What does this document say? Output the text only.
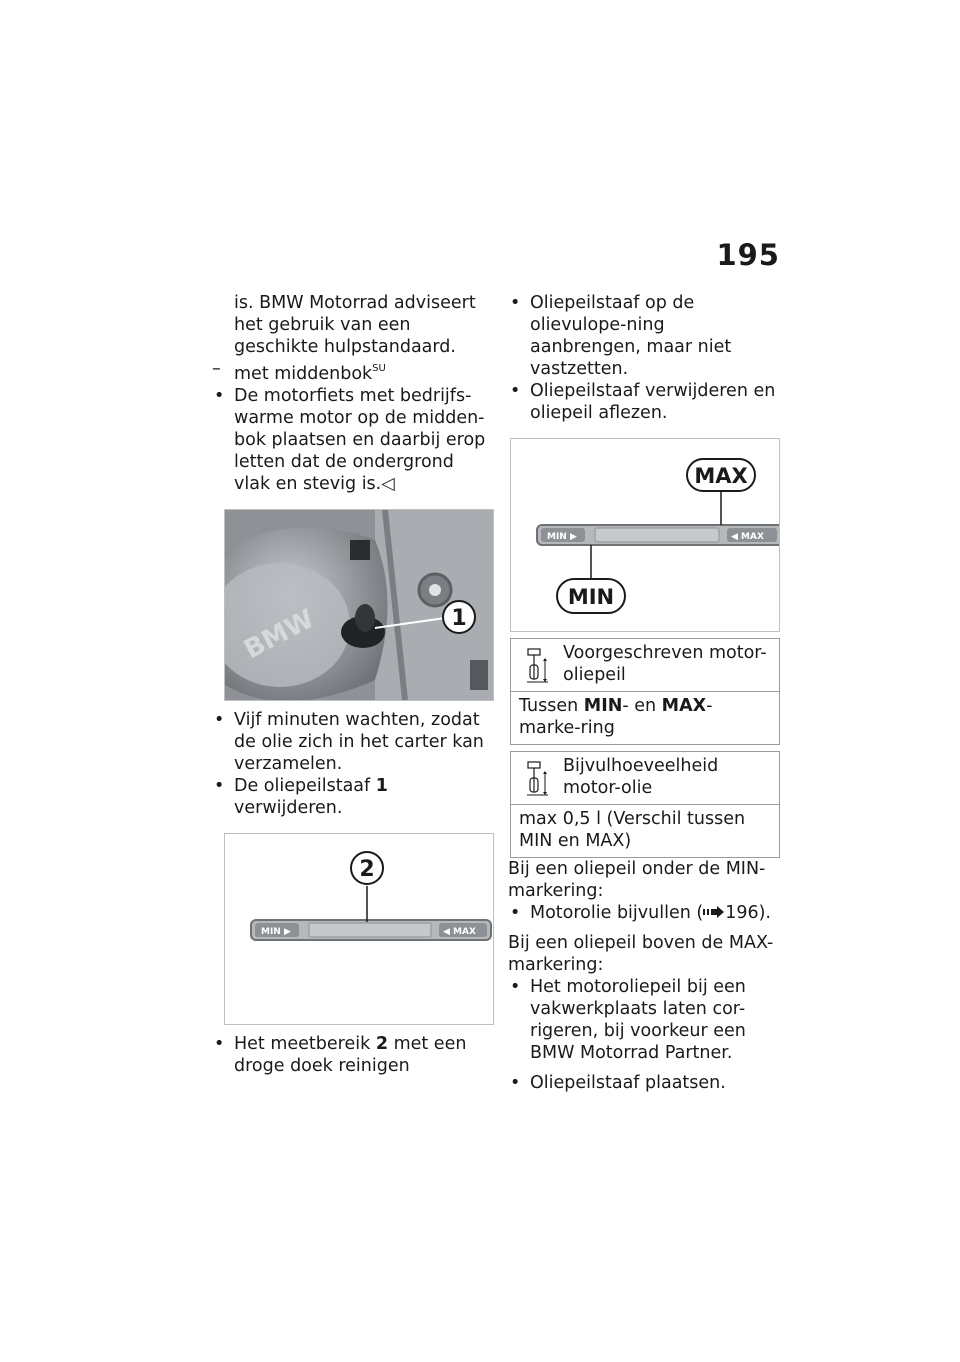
195

is. BMW Motorrad adviseert het gebruik van een geschikte hulpstandaard.

– met middenbok$^{SU}$

• De motorfiets met bedrijfs-warme motor op de midden-bok plaatsen en daarbij erop letten dat de ondergrond vlak en stevig is.◁

BMW	1

• Vijf minuten wachten, zodat de olie zich in het carter kan verzamelen.

• De oliepeilstaaf 1 verwijderen.

MIN ▶	◀ MAX
2

• Het meetbereik 2 met een droge doek reinigen

• Oliepeilstaaf op de olievulope-ning aanbrengen, maar niet vastzetten.

• Oliepeilstaaf verwijderen en oliepeil aflezen.

MIN ▶	◀ MAX
MAX
MIN
Voorgeschreven motor-oliepeil
Tussen MIN- en MAX-marke-ring
Bijvulhoeveelheid motor-olie
max 0,5 l (Verschil tussen MIN en MAX)

Bij een oliepeil onder de MIN-markering:

• Motorolie bijvullen ( 196).

Bij een oliepeil boven de MAX-markering:

• Het motoroliepeil bij een vakwerkplaats laten cor-rigeren, bij voorkeur een BMW Motorrad Partner.

• Oliepeilstaaf plaatsen.
